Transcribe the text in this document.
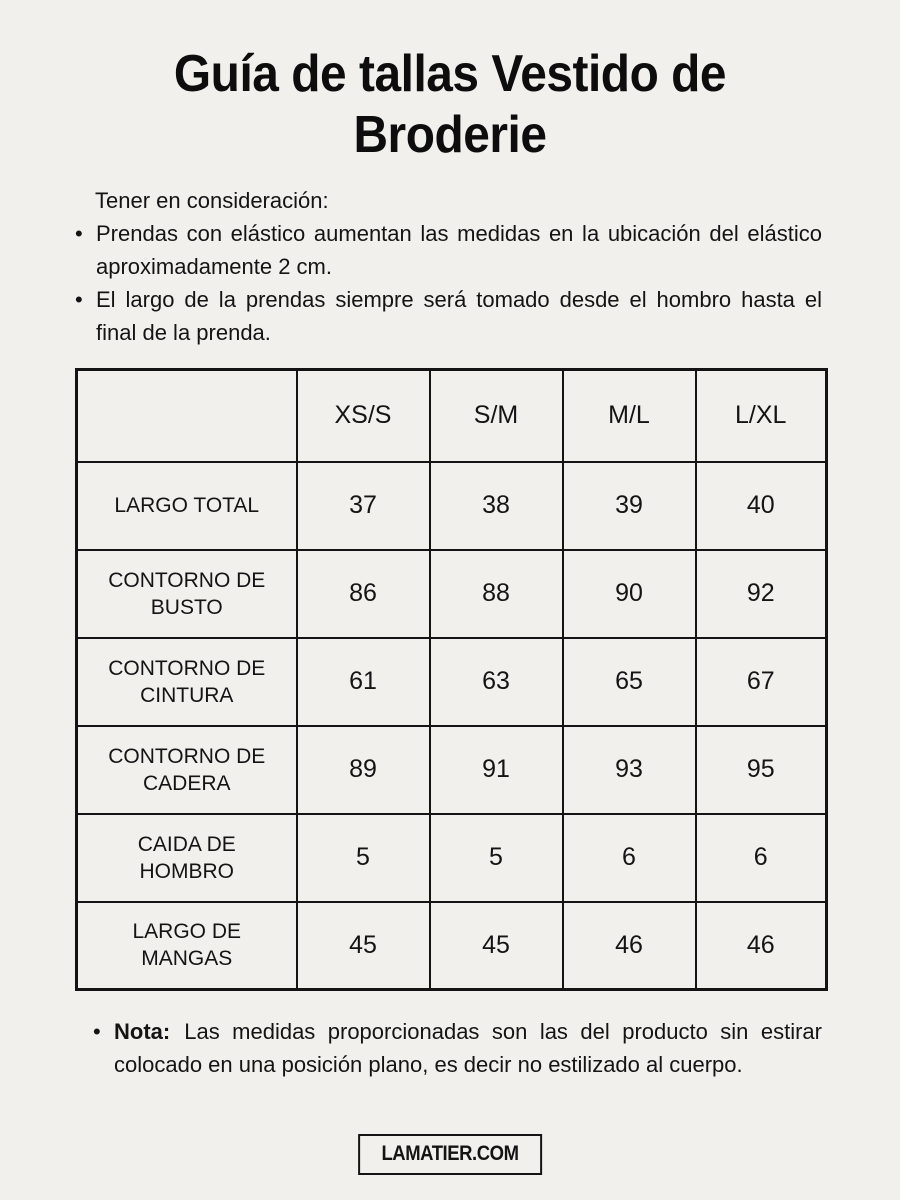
Guía de tallas Vestido de
Broderie
Tener en consideración:
• Prendas con elástico aumentan las medidas en la ubicación del elástico aproximadamente 2 cm.
• El largo de la prendas siempre será tomado desde el hombro hasta el final de la prenda.
	XS/S	S/M	M/L	L/XL
LARGO TOTAL	37	38	39	40
CONTORNO DE BUSTO	86	88	90	92
CONTORNO DE CINTURA	61	63	65	67
CONTORNO DE CADERA	89	91	93	95
CAIDA DE HOMBRO	5	5	6	6
LARGO DE MANGAS	45	45	46	46
• Nota: Las medidas proporcionadas son las del producto sin estirar colocado en una posición plano, es decir no estilizado al cuerpo.
LAMATIER.COM
